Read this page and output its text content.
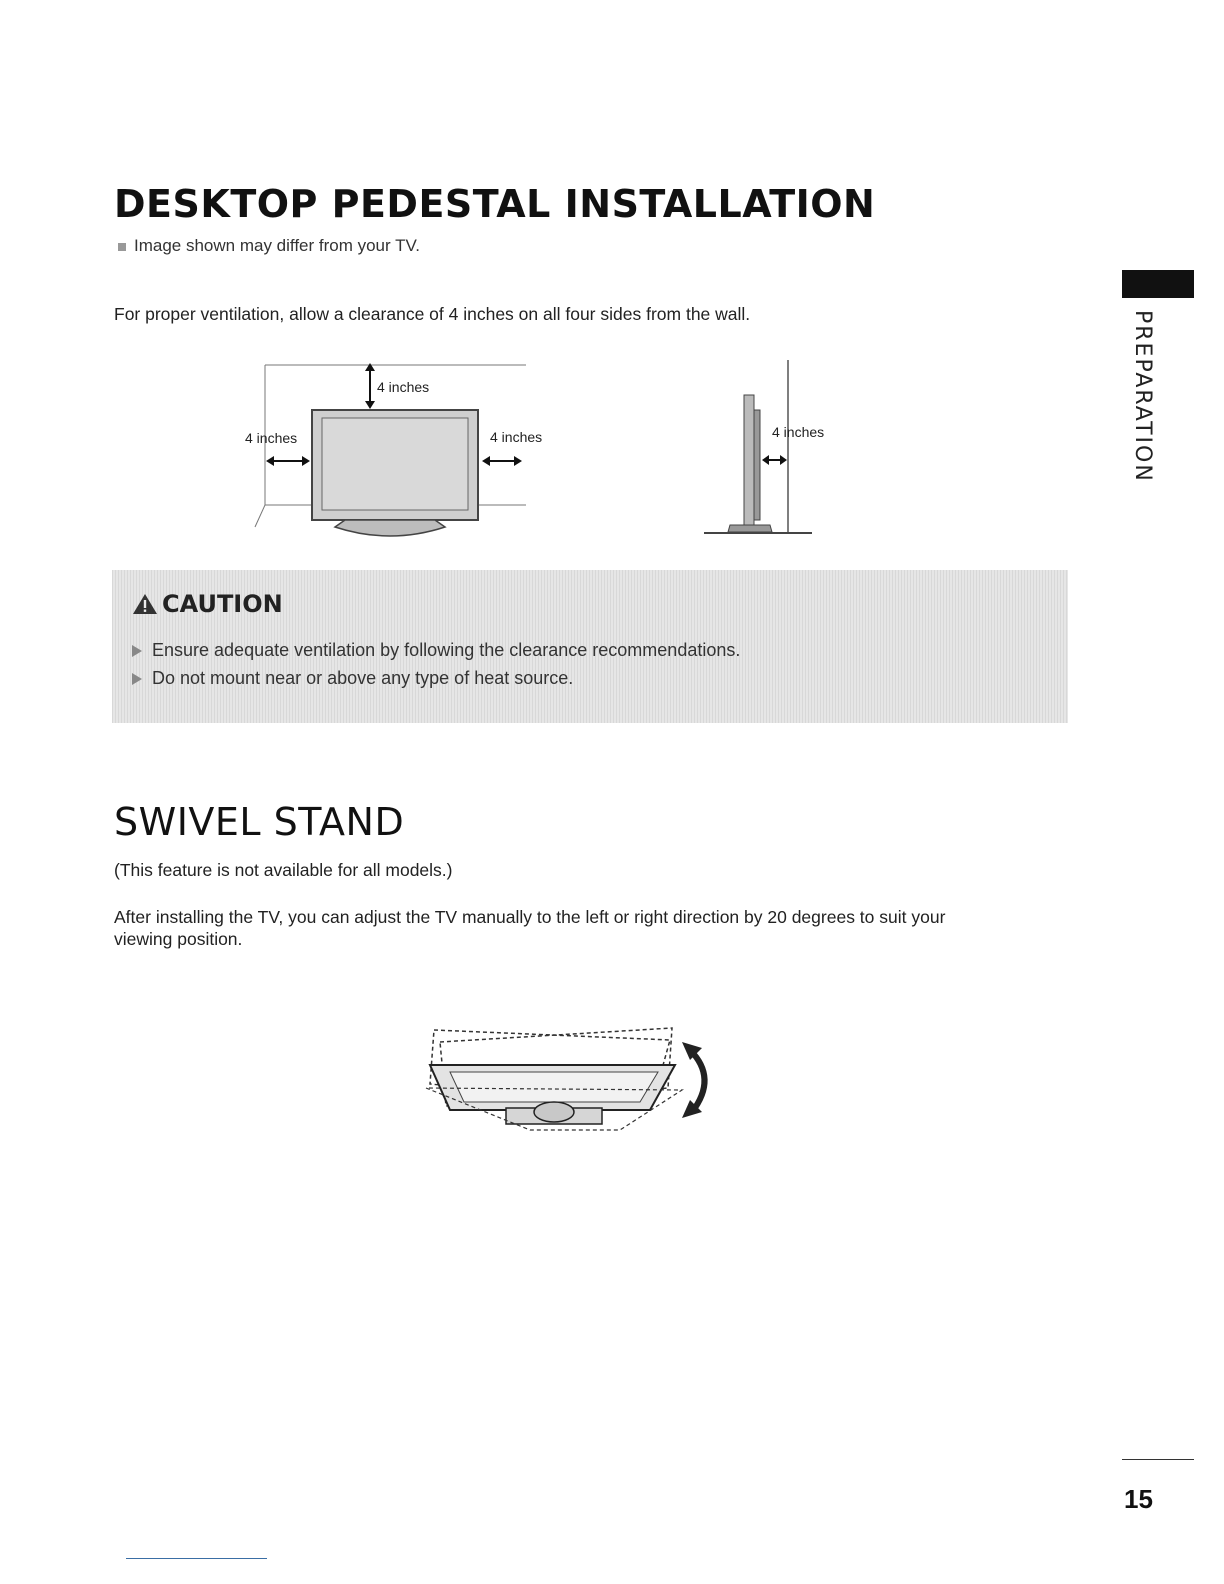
DESKTOP PEDESTAL INSTALLATION
Image shown may differ from your TV.
For proper ventilation, allow a clearance of 4 inches on all four sides from the wall.
4 inches
4 inches	4 inches	4 inches
CAUTION
Ensure adequate ventilation by following the clearance recommendations.
Do not mount near or above any type of heat source.
SWIVEL STAND
(This feature is not available for all models.)
After installing the TV, you can adjust the TV manually to the left or right direction by 20 degrees to suit your
viewing position.
PREPARATION
15
